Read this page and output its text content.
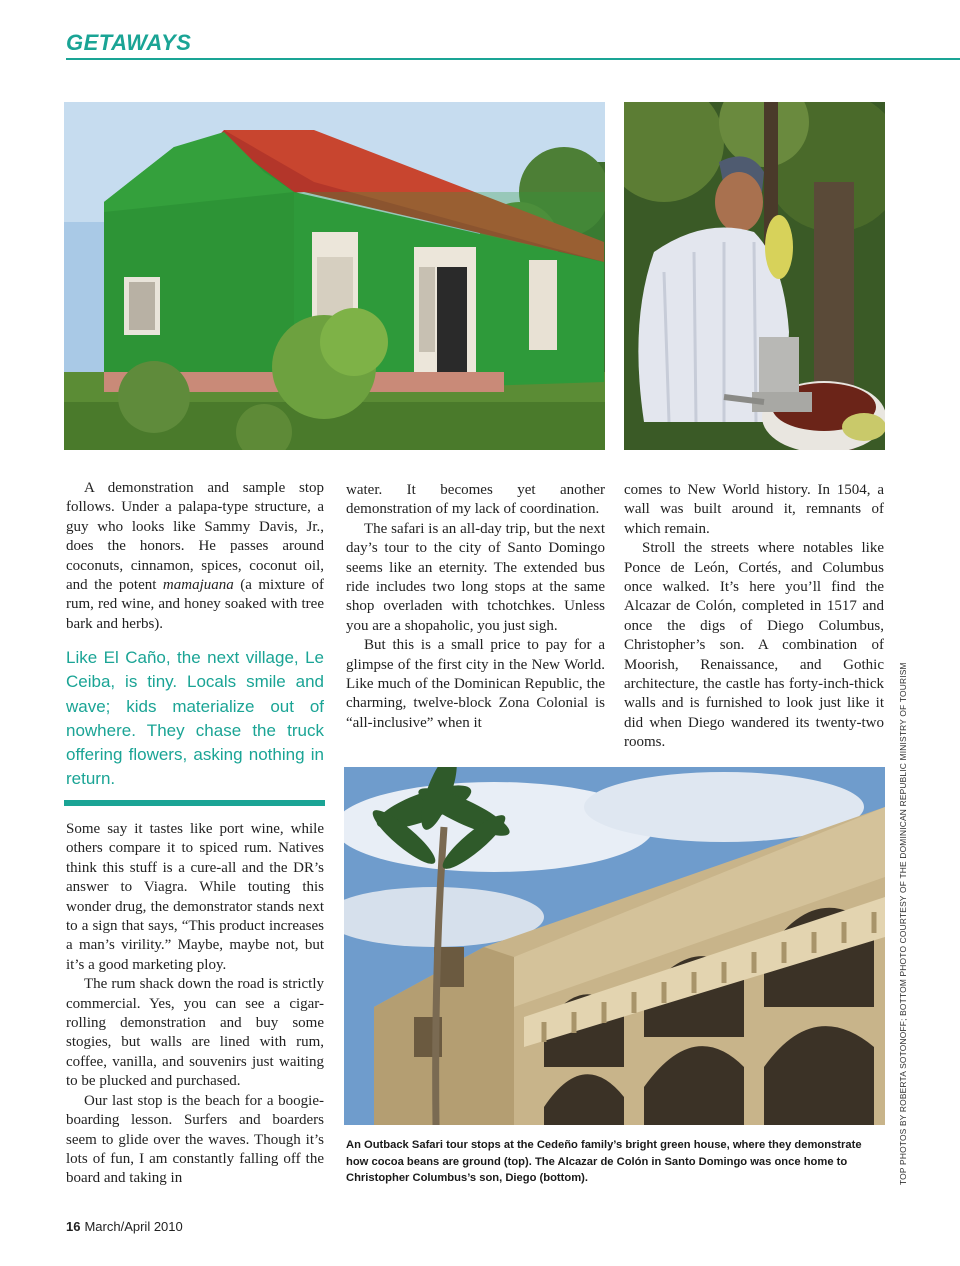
GETAWAYS

A demonstration and sample stop follows. Under a palapa-type structure, a guy who looks like Sammy Davis, Jr., does the honors. He passes around coconuts, cinnamon, spices, coconut oil, and the potent mamajuana (a mixture of rum, red wine, and honey soaked with tree bark and herbs).

Like El Caño, the next village, Le Ceiba, is tiny. Locals smile and wave; kids materialize out of nowhere. They chase the truck offering flowers, asking nothing in return.

Some say it tastes like port wine, while others compare it to spiced rum. Natives think this stuff is a cure-all and the DR’s answer to Viagra. While touting this wonder drug, the demonstrator stands next to a sign that says, “This product increases a man’s virility.” Maybe, maybe not, but it’s a good marketing ploy.

The rum shack down the road is strictly commercial. Yes, you can see a cigar-rolling demonstration and buy some stogies, but walls are lined with rum, coffee, vanilla, and souvenirs just waiting to be plucked and purchased.

Our last stop is the beach for a boogie-boarding lesson. Surfers and boarders seem to glide over the waves. Though it’s lots of fun, I am constantly falling off the board and taking in

water. It becomes yet another demonstration of my lack of coordination.

The safari is an all-day trip, but the next day’s tour to the city of Santo Domingo seems like an eternity. The extended bus ride includes two long stops at the same shop overladen with tchotchkes. Unless you are a shopaholic, you just sigh.

But this is a small price to pay for a glimpse of the first city in the New World. Like much of the Dominican Republic, the charming, twelve-block Zona Colonial is “all-inclusive” when it

comes to New World history. In 1504, a wall was built around it, remnants of which remain.

Stroll the streets where notables like Ponce de León, Cortés, and Columbus once walked. It’s here you’ll find the Alcazar de Colón, completed in 1517 and once the digs of Diego Columbus, Christopher’s son. A combination of Moorish, Renaissance, and Gothic architecture, the castle has forty-inch-thick walls and is furnished to look just like it did when Diego wandered its twenty-two rooms.

An Outback Safari tour stops at the Cedeño family’s bright green house, where they demonstrate how cocoa beans are ground (top). The Alcazar de Colón in Santo Domingo was once home to Christopher Columbus’s son, Diego (bottom).	TOP PHOTOS BY ROBERTA SOTONOFF; BOTTOM PHOTO COURTESY OF THE DOMINICAN REPUBLIC MINISTRY OF TOURISM
16 March/April 2010
